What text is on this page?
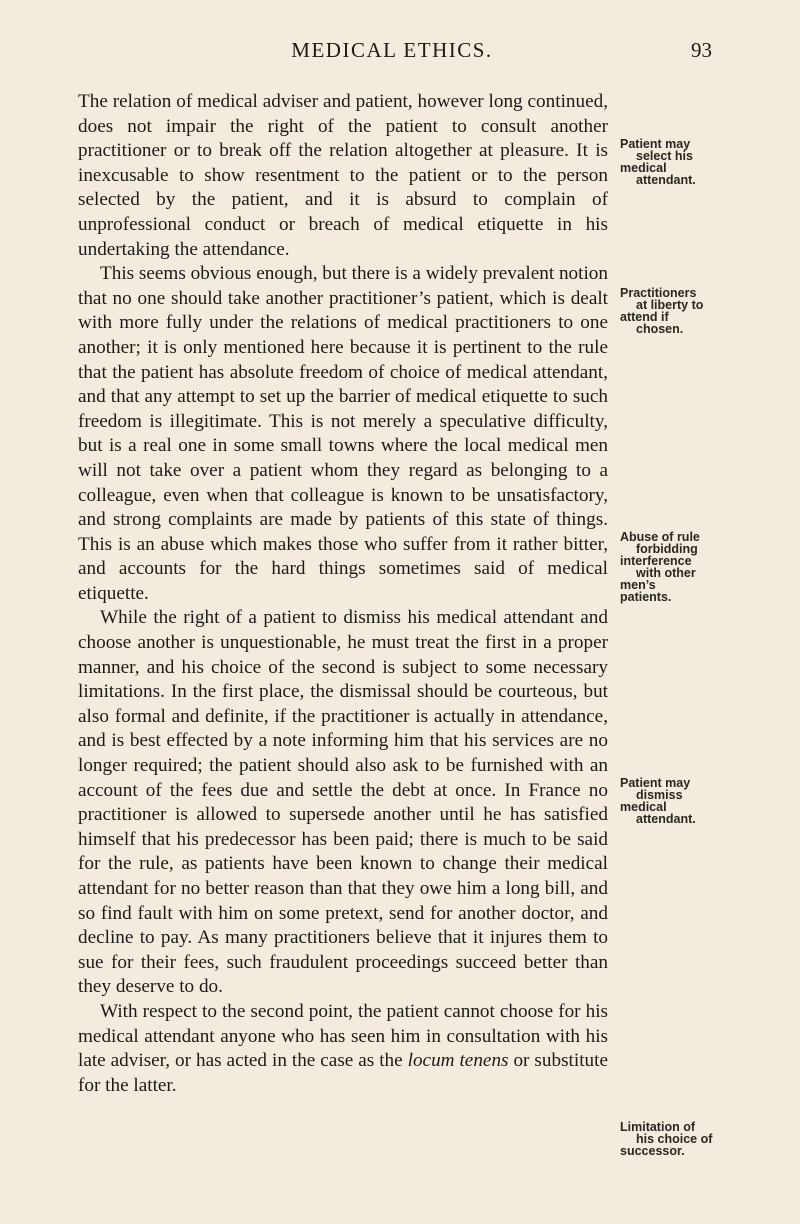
MEDICAL ETHICS.	93

The relation of medical adviser and patient, however long continued, does not impair the right of the patient to consult another practitioner or to break off the relation altogether at pleasure. It is inexcusable to show resentment to the patient or to the person selected by the patient, and it is absurd to complain of unprofessional conduct or breach of medical etiquette in his undertaking the attendance.

This seems obvious enough, but there is a widely prevalent notion that no one should take another practitioner’s patient, which is dealt with more fully under the relations of medical practitioners to one another; it is only mentioned here because it is pertinent to the rule that the patient has absolute freedom of choice of medical attendant, and that any attempt to set up the barrier of medical etiquette to such freedom is illegitimate. This is not merely a speculative difficulty, but is a real one in some small towns where the local medical men will not take over a patient whom they regard as belonging to a colleague, even when that colleague is known to be unsatisfactory, and strong complaints are made by patients of this state of things. This is an abuse which makes those who suffer from it rather bitter, and accounts for the hard things sometimes said of medical etiquette.

While the right of a patient to dismiss his medical attendant and choose another is unquestionable, he must treat the first in a proper manner, and his choice of the second is subject to some necessary limitations. In the first place, the dismissal should be courteous, but also formal and definite, if the practitioner is actually in attendance, and is best effected by a note informing him that his services are no longer required; the patient should also ask to be furnished with an account of the fees due and settle the debt at once. In France no practitioner is allowed to supersede another until he has satisfied himself that his predecessor has been paid; there is much to be said for the rule, as patients have been known to change their medical attendant for no better reason than that they owe him a long bill, and so find fault with him on some pretext, send for another doctor, and decline to pay. As many practitioners believe that it injures them to sue for their fees, such fraudulent proceedings succeed better than they deserve to do.

With respect to the second point, the patient cannot choose for his medical attendant anyone who has seen him in consultation with his late adviser, or has acted in the case as the locum tenens or substitute for the latter.

Patient may
select his
medical
attendant.
Practitioners
at liberty to
attend if
chosen.
Abuse of rule
forbidding
interference
with other
men’s
patients.
Patient may
dismiss
medical
attendant.
Limitation of
his choice of
successor.
